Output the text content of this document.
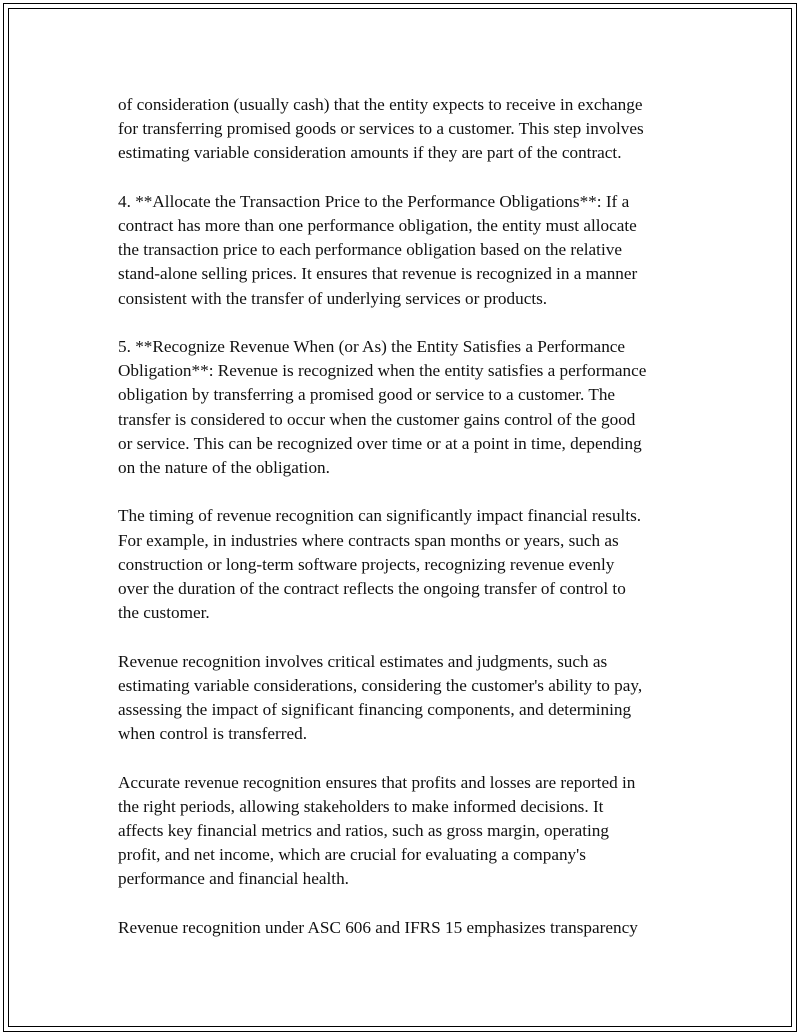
of consideration (usually cash) that the entity expects to receive in exchange
for transferring promised goods or services to a customer. This step involves
estimating variable consideration amounts if they are part of the contract.

4. **Allocate the Transaction Price to the Performance Obligations**: If a
contract has more than one performance obligation, the entity must allocate
the transaction price to each performance obligation based on the relative
stand-alone selling prices. It ensures that revenue is recognized in a manner
consistent with the transfer of underlying services or products.

5. **Recognize Revenue When (or As) the Entity Satisfies a Performance
Obligation**: Revenue is recognized when the entity satisfies a performance
obligation by transferring a promised good or service to a customer. The
transfer is considered to occur when the customer gains control of the good
or service. This can be recognized over time or at a point in time, depending
on the nature of the obligation.

The timing of revenue recognition can significantly impact financial results.
For example, in industries where contracts span months or years, such as
construction or long-term software projects, recognizing revenue evenly
over the duration of the contract reflects the ongoing transfer of control to
the customer.

Revenue recognition involves critical estimates and judgments, such as
estimating variable considerations, considering the customer's ability to pay,
assessing the impact of significant financing components, and determining
when control is transferred.

Accurate revenue recognition ensures that profits and losses are reported in
the right periods, allowing stakeholders to make informed decisions. It
affects key financial metrics and ratios, such as gross margin, operating
profit, and net income, which are crucial for evaluating a company's
performance and financial health.

Revenue recognition under ASC 606 and IFRS 15 emphasizes transparency
